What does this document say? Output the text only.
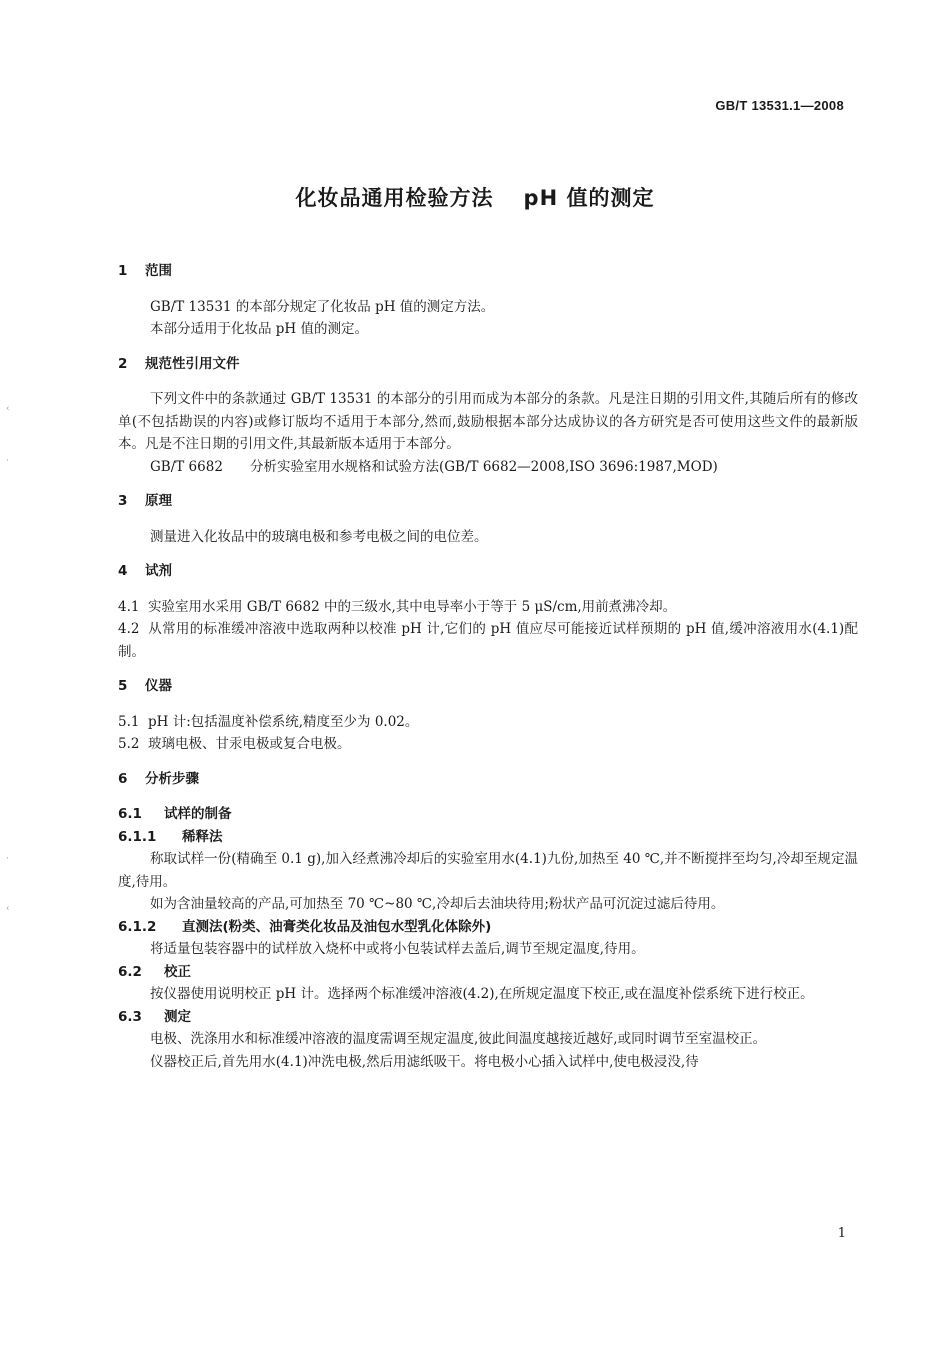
GB/T 13531.1—2008
化妆品通用检验方法 pH 值的测定
1 范围
GB/T 13531 的本部分规定了化妆品 pH 值的测定方法。
本部分适用于化妆品 pH 值的测定。
2 规范性引用文件
下列文件中的条款通过 GB/T 13531 的本部分的引用而成为本部分的条款。凡是注日期的引用文件,其随后所有的修改单(不包括勘误的内容)或修订版均不适用于本部分,然而,鼓励根据本部分达成协议的各方研究是否可使用这些文件的最新版本。凡是不注日期的引用文件,其最新版本适用于本部分。
GB/T 6682 分析实验室用水规格和试验方法(GB/T 6682—2008,ISO 3696:1987,MOD)
3 原理
测量进入化妆品中的玻璃电极和参考电极之间的电位差。
4 试剂
4.1 实验室用水采用 GB/T 6682 中的三级水,其中电导率小于等于 5 μS/cm,用前煮沸冷却。
4.2 从常用的标准缓冲溶液中选取两种以校准 pH 计,它们的 pH 值应尽可能接近试样预期的 pH 值,缓冲溶液用水(4.1)配制。
5 仪器
5.1 pH 计:包括温度补偿系统,精度至少为 0.02。
5.2 玻璃电极、甘汞电极或复合电极。
6 分析步骤
6.1 试样的制备
6.1.1 稀释法
称取试样一份(精确至 0.1 g),加入经煮沸冷却后的实验室用水(4.1)九份,加热至 40 ℃,并不断搅拌至均匀,冷却至规定温度,待用。
如为含油量较高的产品,可加热至 70 ℃~80 ℃,冷却后去油块待用;粉状产品可沉淀过滤后待用。
6.1.2 直测法(粉类、油膏类化妆品及油包水型乳化体除外)
将适量包装容器中的试样放入烧杯中或将小包装试样去盖后,调节至规定温度,待用。
6.2 校正
按仪器使用说明校正 pH 计。选择两个标准缓冲溶液(4.2),在所规定温度下校正,或在温度补偿系统下进行校正。
6.3 测定
电极、洗涤用水和标准缓冲溶液的温度需调至规定温度,彼此间温度越接近越好,或同时调节至室温校正。
仪器校正后,首先用水(4.1)冲洗电极,然后用滤纸吸干。将电极小心插入试样中,使电极浸没,待
1
‹
·
·
‹
